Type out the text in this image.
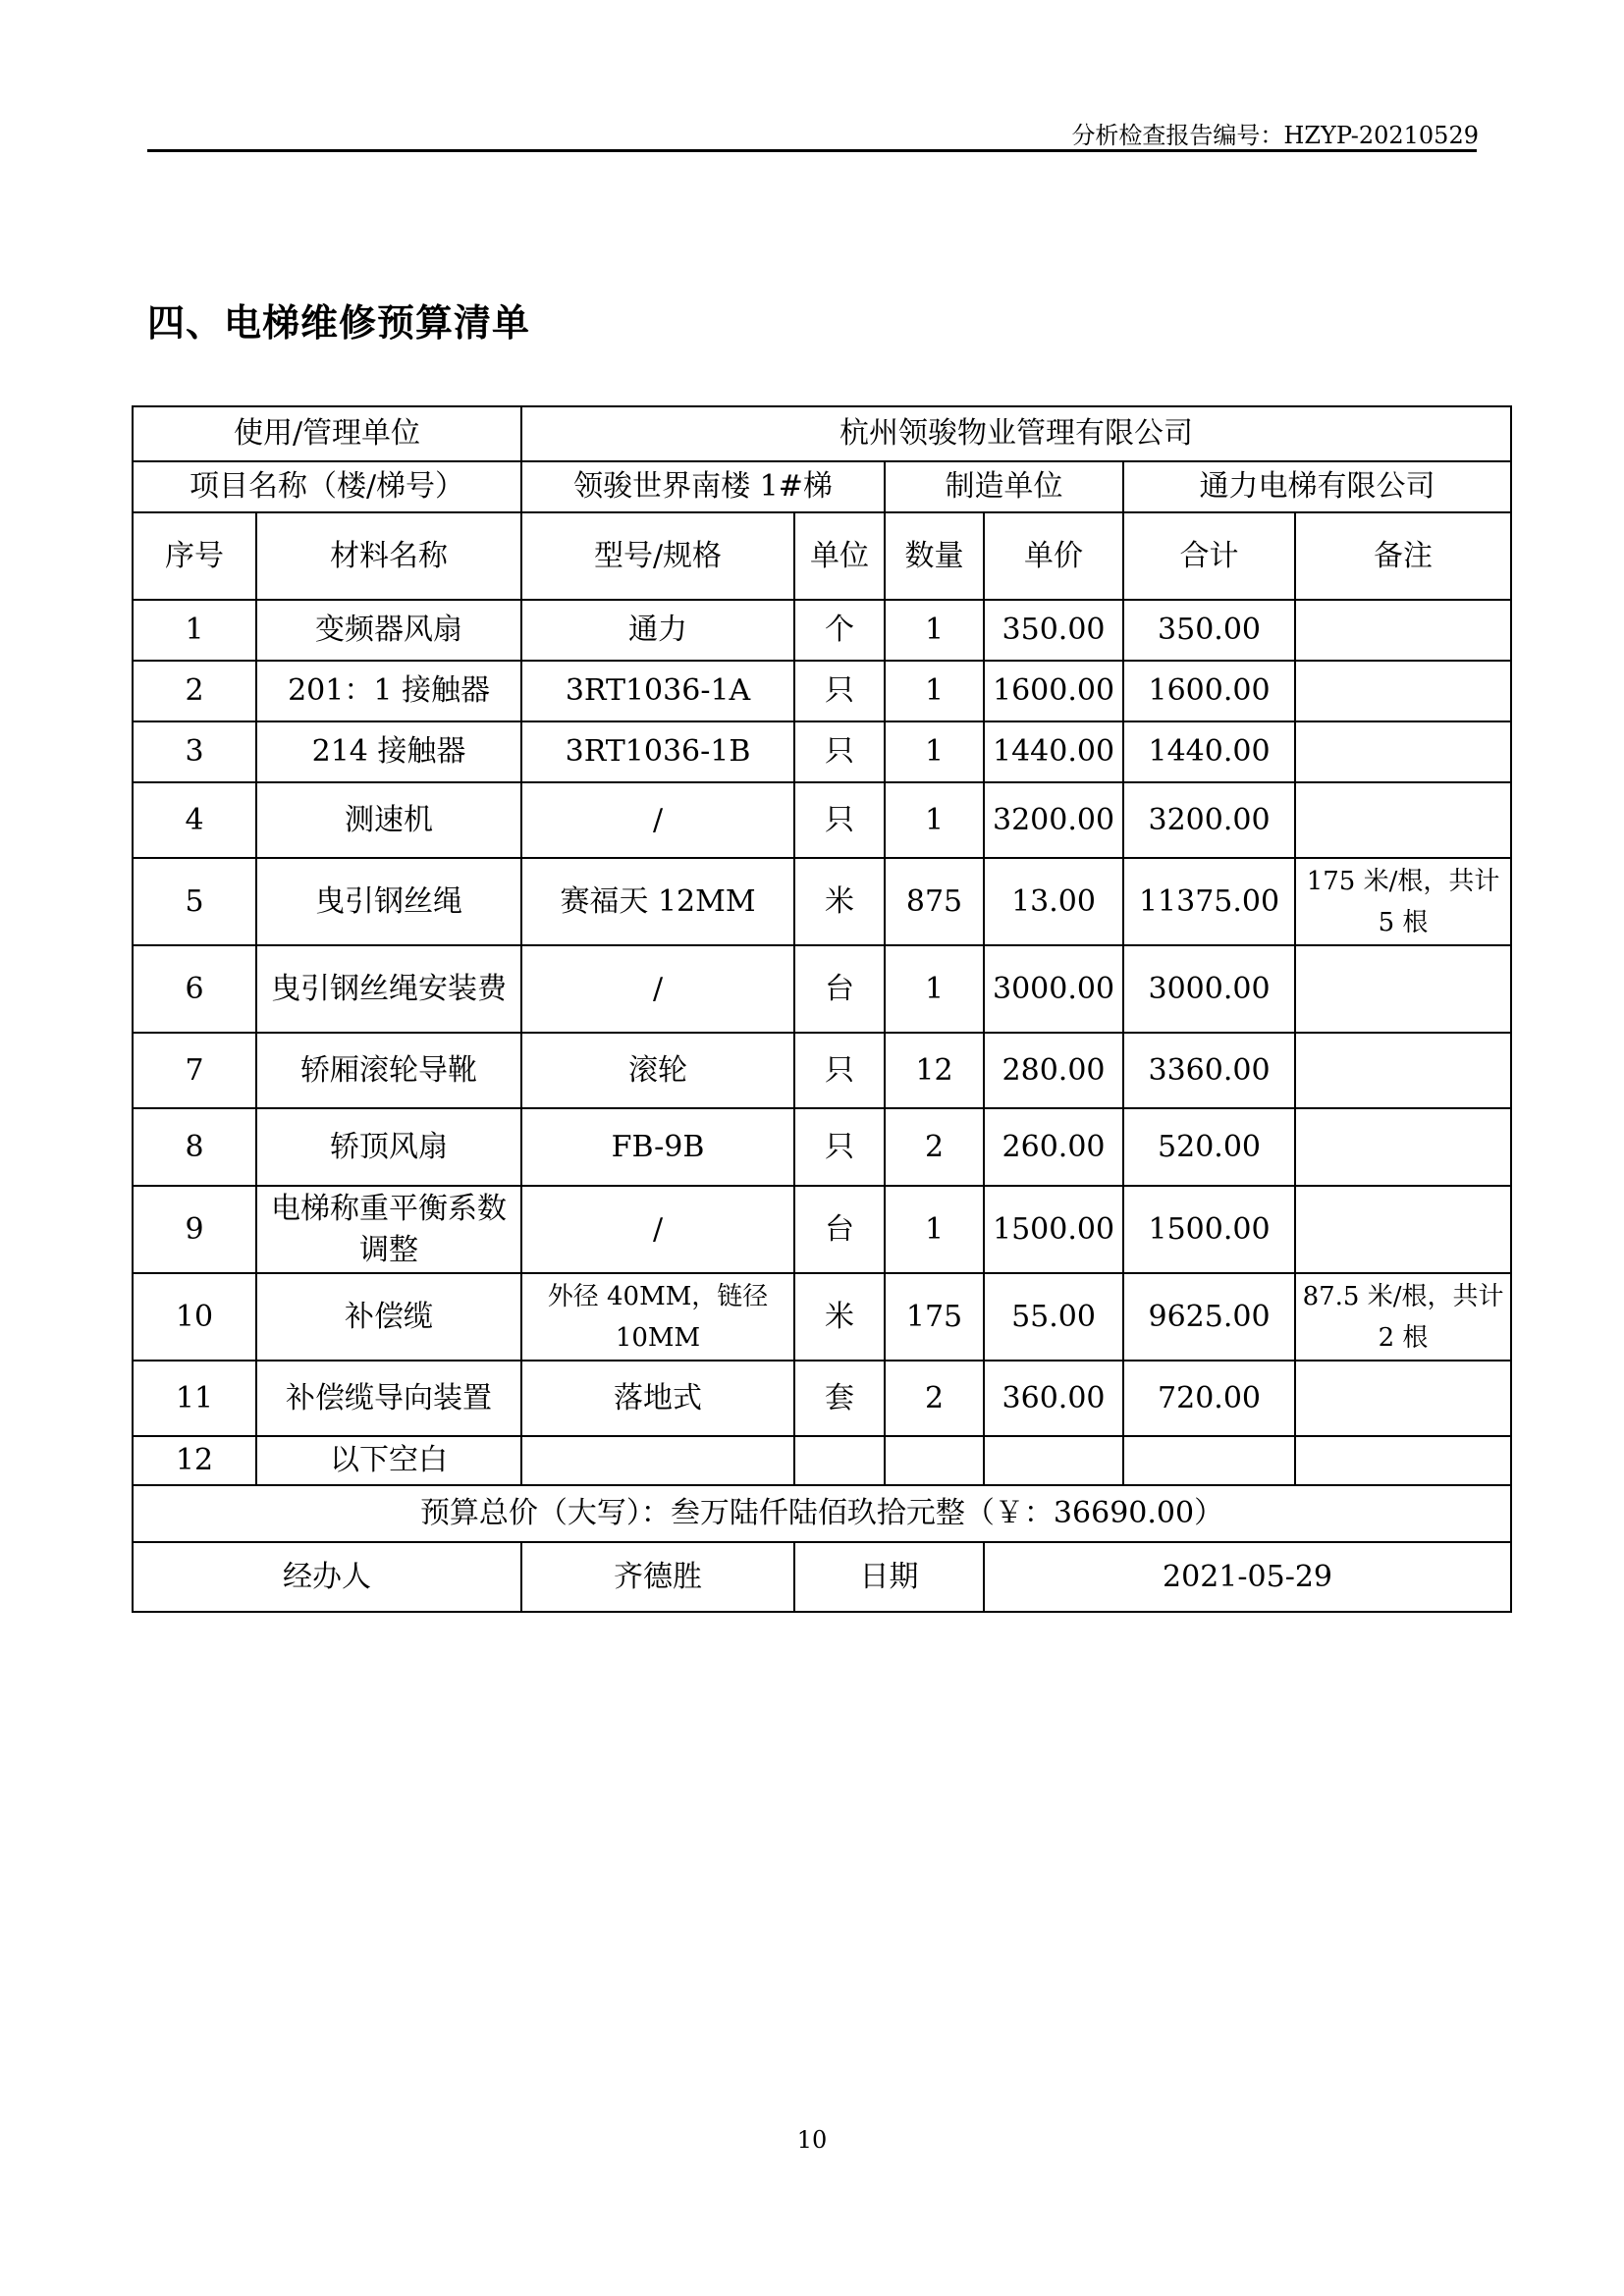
分析检查报告编号：HZYP-20210529
四、电梯维修预算清单
使用/管理单位		杭州领骏物业管理有限公司					
项目名称（楼/梯号）		领骏世界南楼 1#梯		制造单位		通力电梯有限公司	
序号	材料名称	型号/规格	单位	数量	单价	合计	备注
1	变频器风扇	通力	个	1	350.00	350.00	
2	201：1 接触器	3RT1036-1A	只	1	1600.00	1600.00	
3	214 接触器	3RT1036-1B	只	1	1440.00	1440.00	
4	测速机	/	只	1	3200.00	3200.00	
5	曳引钢丝绳	赛福天 12MM	米	875	13.00	11375.00	175 米/根，共计 5 根
6	曳引钢丝绳安装费	/	台	1	3000.00	3000.00	
7	轿厢滚轮导靴	滚轮	只	12	280.00	3360.00	
8	轿顶风扇	FB-9B	只	2	260.00	520.00	
9	电梯称重平衡系数调整	/	台	1	1500.00	1500.00	
10	补偿缆	外径 40MM，链径 10MM	米	175	55.00	9625.00	87.5 米/根，共计 2 根
11	补偿缆导向装置	落地式	套	2	360.00	720.00	
12	以下空白						
预算总价（大写）：叁万陆仟陆佰玖拾元整（￥：36690.00）							
经办人		齐德胜	日期		2021-05-29		
10
